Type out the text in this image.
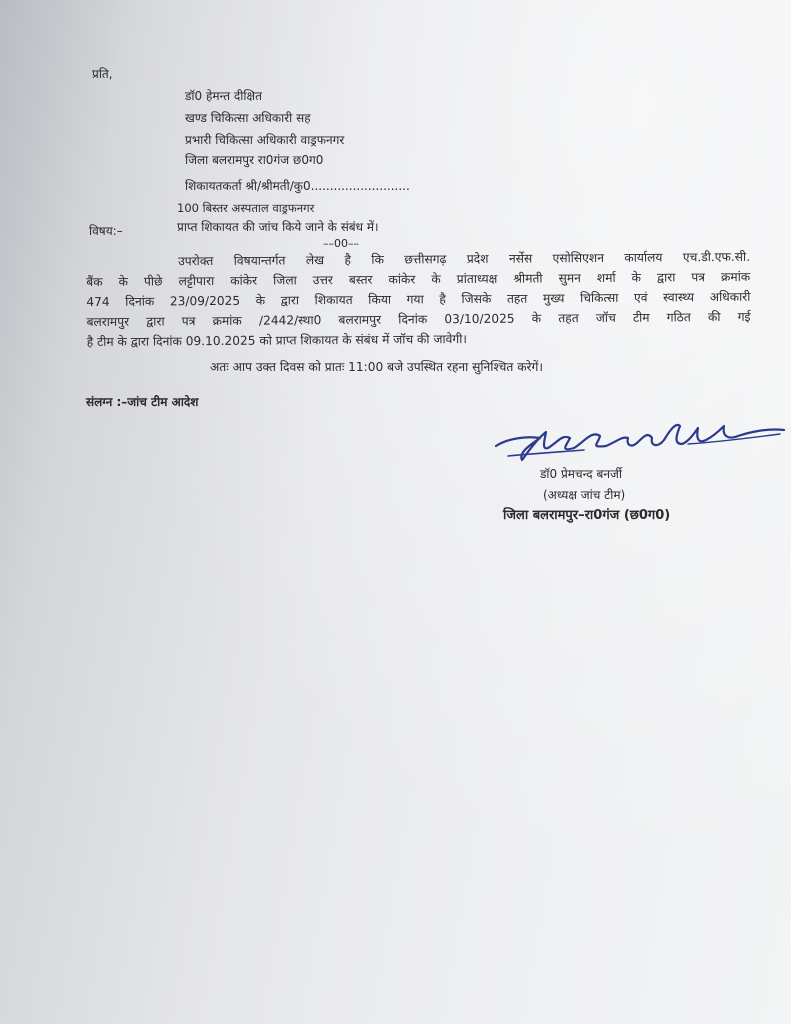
प्रति,
डॉ0 हेमन्त दीक्षित
खण्ड चिकित्सा अधिकारी सह
प्रभारी चिकित्सा अधिकारी वाड्रफनगर
जिला बलरामपुर रा0गंज छ0ग0
शिकायतकर्ता श्री/श्रीमती/कु0..........................
100 बिस्तर अस्पताल वाड्रफनगर
विषय:–	प्राप्त शिकायत की जांच किये जाने के संबंध में।
––00––
उपरोक्त विषयान्तर्गत लेख है कि छत्तीसगढ़ प्रदेश नर्सेस एसोसिएशन कार्यालय एच.डी.एफ.सी.
बैंक के पीछे लट्टीपारा कांकेर जिला उत्तर बस्तर कांकेर के प्रांताध्यक्ष श्रीमती सुमन शर्मा के द्वारा पत्र क्रमांक
474 दिनांक 23/09/2025 के द्वारा शिकायत किया गया है जिसके तहत मुख्य चिकित्सा एवं स्वास्थ्य अधिकारी
बलरामपुर द्वारा पत्र क्रमांक /2442/स्था0 बलरामपुर दिनांक 03/10/2025 के तहत जॉच टीम गठित की गई
है टीम के द्वारा दिनांक 09.10.2025 को प्राप्त शिकायत के संबंध में जॉच की जावेगी।
अतः आप उक्त दिवस को प्रातः 11:00 बजे उपस्थित रहना सुनिश्चित करेगें।
संलग्न :–जांच टीम आदेश
डॉ0 प्रेमचन्द बनर्जी
(अध्यक्ष जांच टीम)
जिला बलरामपुर–रा0गंज (छ0ग0)
